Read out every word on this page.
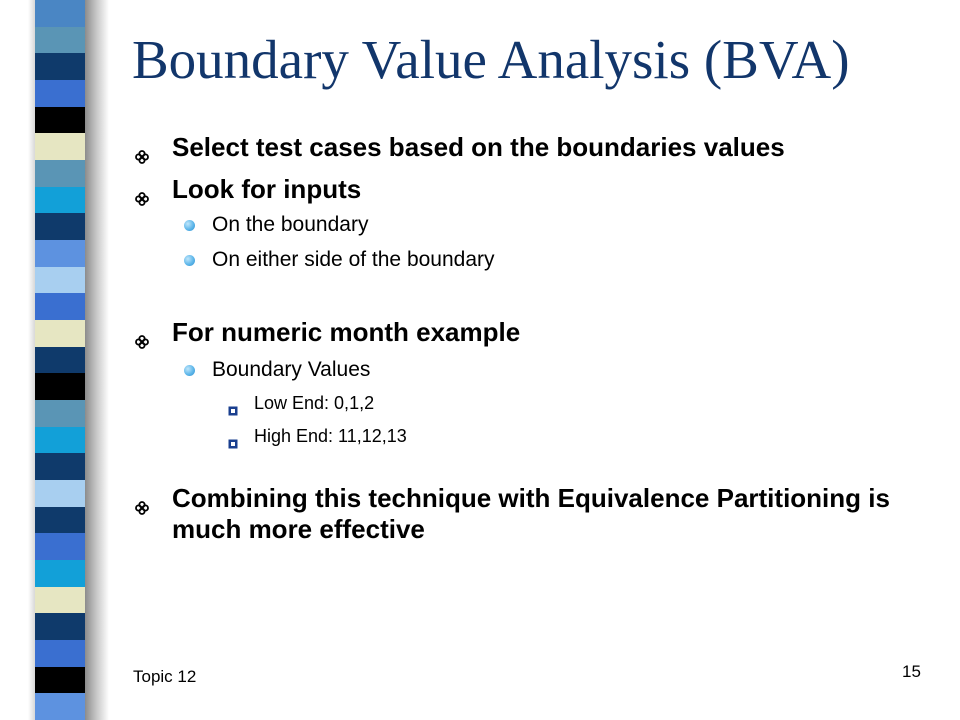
Boundary Value Analysis (BVA)
Select test cases based on the boundaries values
Look for inputs
On the boundary
On either side of the boundary
For numeric month example
Boundary Values
Low End: 0,1,2
High End: 11,12,13
Combining this technique with Equivalence Partitioning is much more effective
Topic 12	15
